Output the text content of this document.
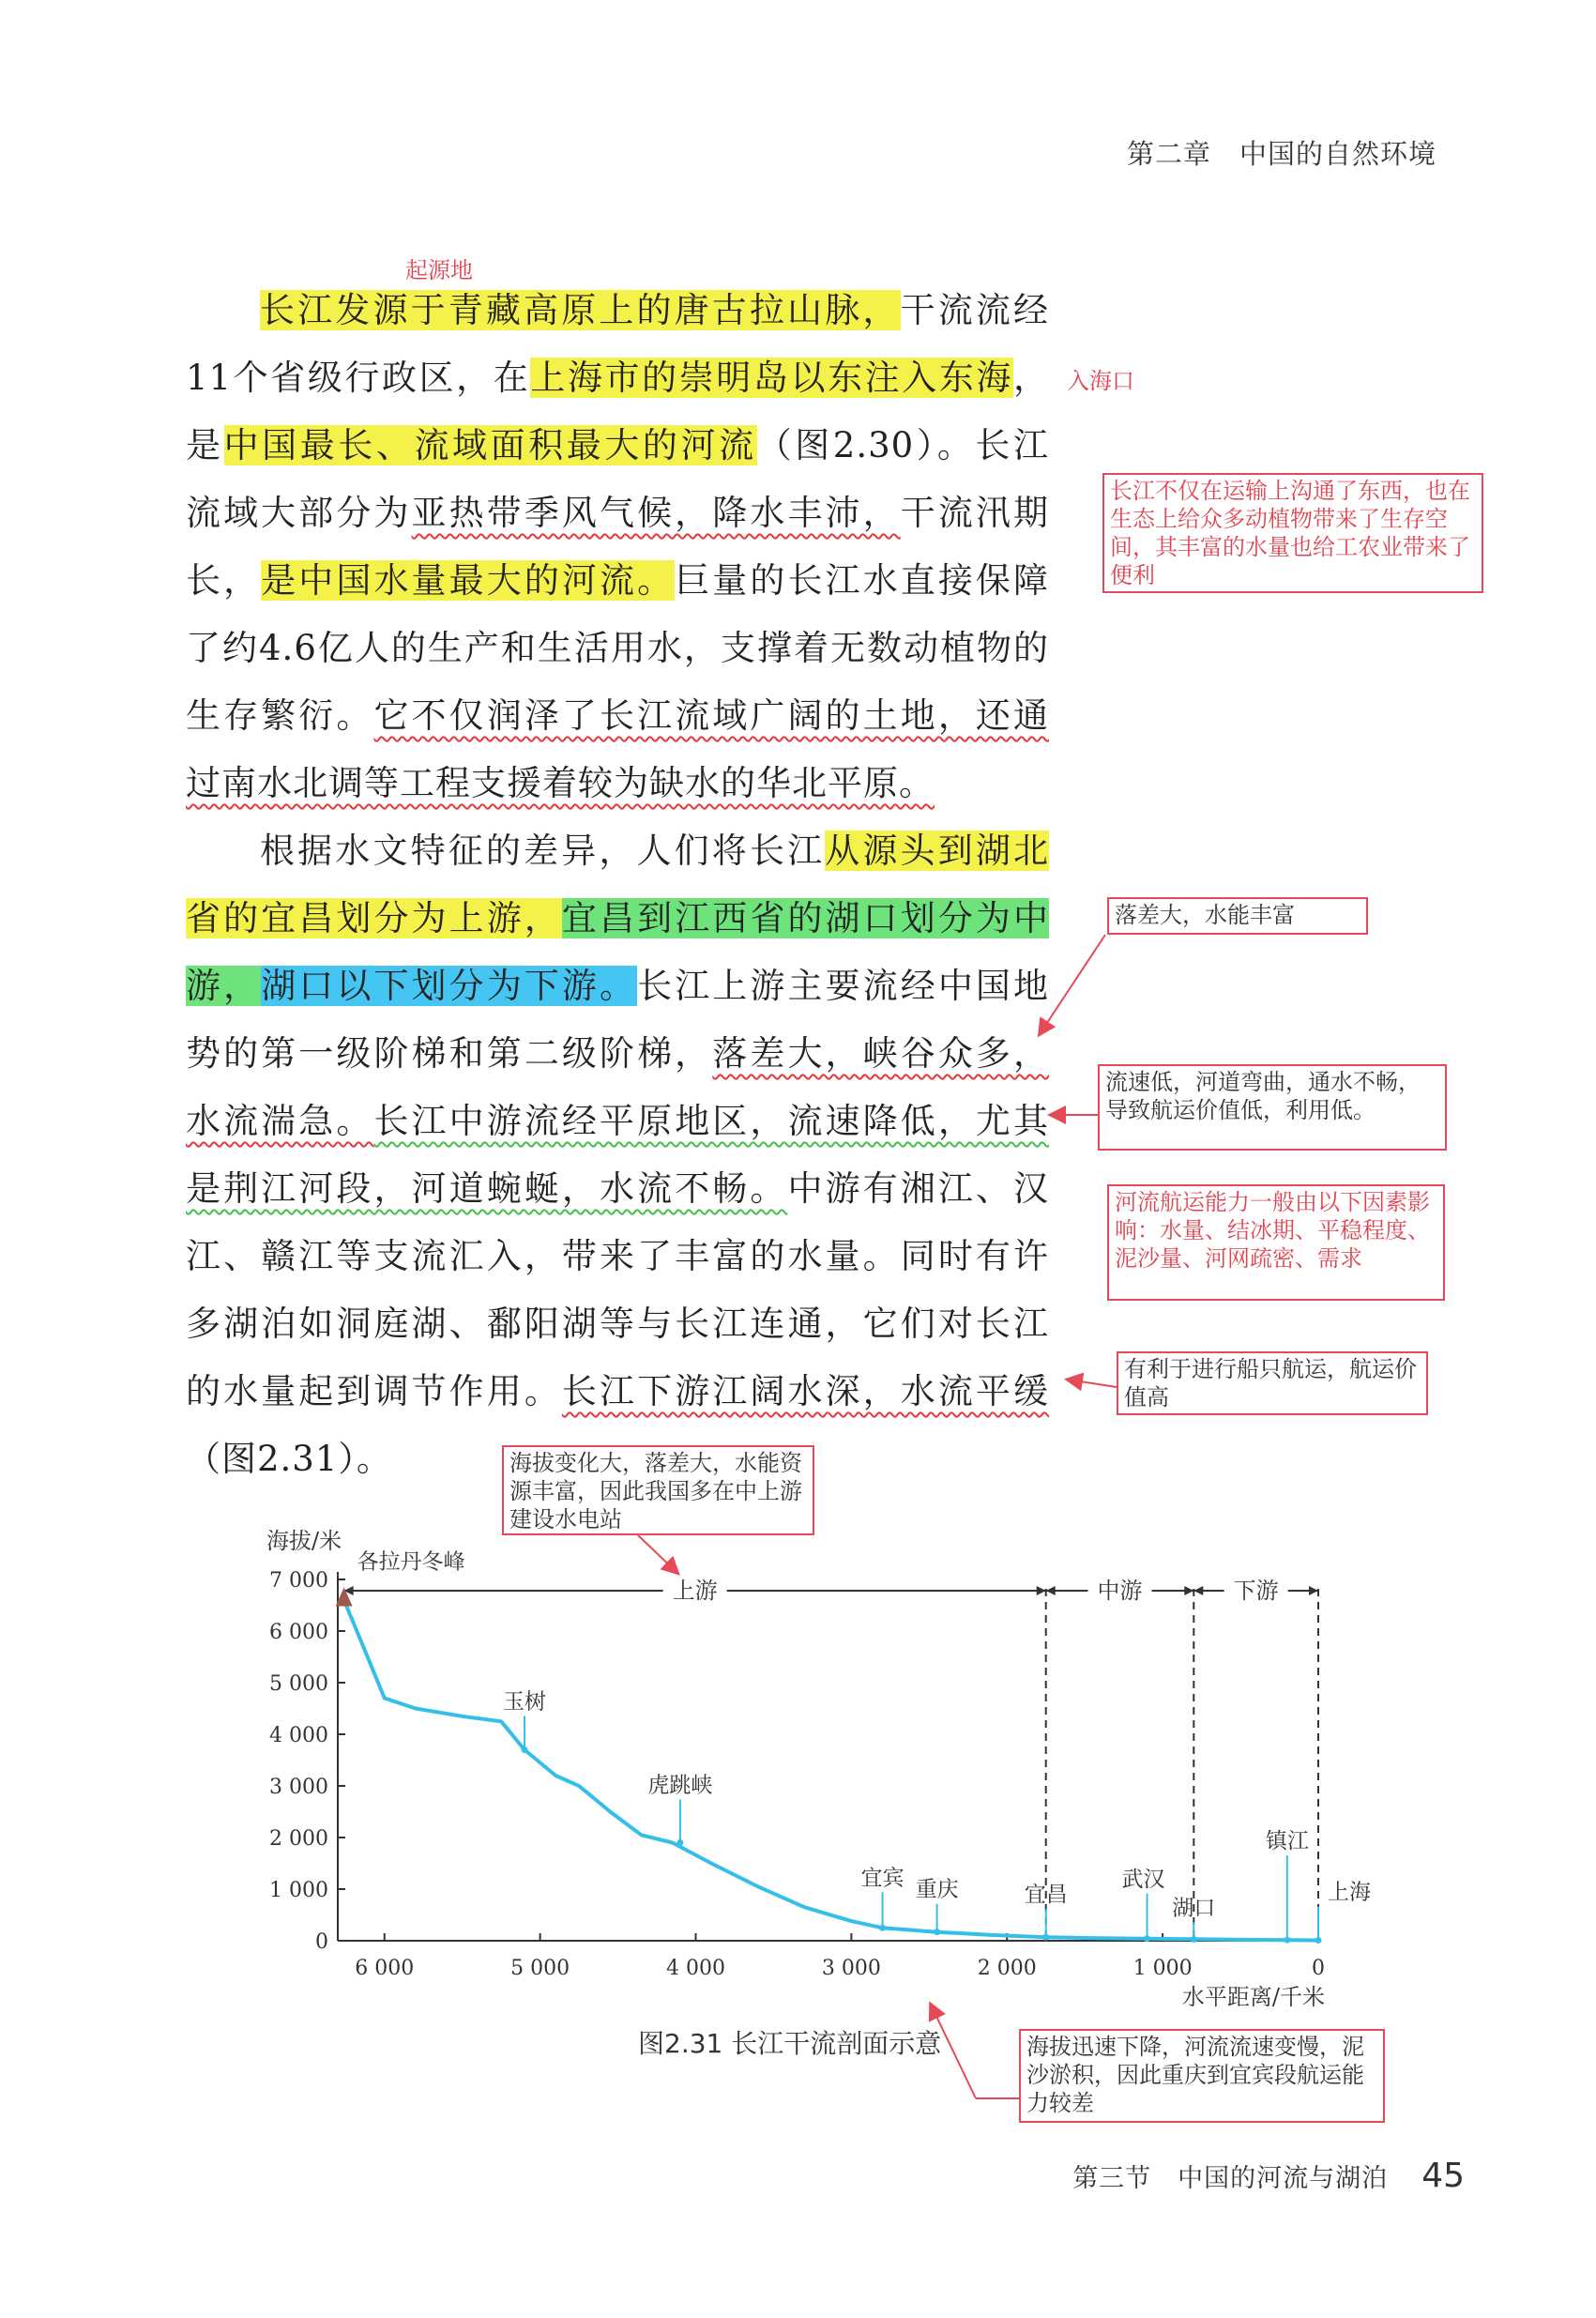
第二章 中国的自然环境
起源地
入海口
长江发源于青藏高原上的唐古拉山脉，干流流经
11个省级行政区，在上海市的崇明岛以东注入东海，
是中国最长、流域面积最大的河流（图2.30）。长江
流域大部分为亚热带季风气候，降水丰沛，干流汛期
长，是中国水量最大的河流。巨量的长江水直接保障
了约4.6亿人的生产和生活用水，支撑着无数动植物的
生存繁衍。它不仅润泽了长江流域广阔的土地，还通
过南水北调等工程支援着较为缺水的华北平原。
根据水文特征的差异，人们将长江从源头到湖北
省的宜昌划分为上游，宜昌到江西省的湖口划分为中
游，湖口以下划分为下游。长江上游主要流经中国地
势的第一级阶梯和第二级阶梯，落差大，峡谷众多，
水流湍急。长江中游流经平原地区，流速降低，尤其
是荆江河段，河道蜿蜒，水流不畅。中游有湘江、汉
江、赣江等支流汇入，带来了丰富的水量。同时有许
多湖泊如洞庭湖、鄱阳湖等与长江连通，它们对长江
的水量起到调节作用。长江下游江阔水深，水流平缓
（图2.31）。

长江不仅在运输上沟通了东西，也在生态上给众多动植物带来了生存空间，其丰富的水量也给工农业带来了便利

落差大，水能丰富

流速低，河道弯曲，通水不畅，导致航运价值低，利用低。

河流航运能力一般由以下因素影响：水量、结冰期、平稳程度、泥沙量、河网疏密、需求

有利于进行船只航运，航运价值高

海拔变化大，落差大，水能资源丰富，因此我国多在中上游建设水电站

海拔迅速下降，河流流速变慢，泥沙淤积，因此重庆到宜宾段航运能力较差

海拔/米
水平距离/千米
0
1 000
2 000
3 000
4 000
5 000
6 000
7 000
6 000	5 000	4 000	3 000	2 000	1 000	0
上游	中游	下游
各拉丹冬峰
玉树
虎跳峡
宜宾 重庆	宜昌
武汉
湖口
镇江
上海
图2.31 长江干流剖面示意
第三节　中国的河流与湖泊 45
